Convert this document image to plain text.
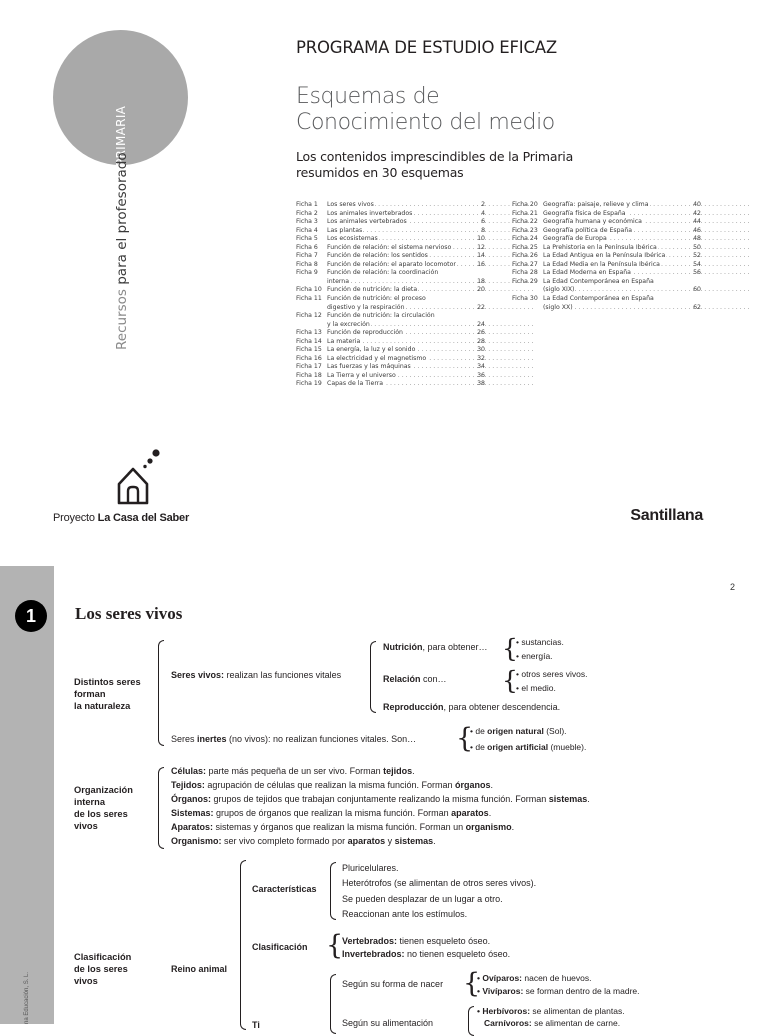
PRIMARIA
Recursos para el profesorado
PROGRAMA DE ESTUDIO EFICAZ
Esquemas de
Conocimiento del medio
Los contenidos imprescindibles de la Primaria
resumidos en 30 esquemas
Ficha 1	Los seres vivos . . .	2
Ficha 2	Los animales invertebrados . . .	4
Ficha 3	Los animales vertebrados . . .	6
Ficha 4	Las plantas . . .	8
Ficha 5	Los ecosistemas . . .	10
Ficha 6	Función de relación: el sistema nervioso . . .	12
Ficha 7	Función de relación: los sentidos . . .	14
Ficha 8	Función de relación: el aparato locomotor . . .	16
Ficha 9	Función de relación: la coordinación
interna . . .	18
Ficha 10 Función de nutrición: la dieta . . .	20
Ficha 11 Función de nutrición: el proceso
digestivo y la respiración . . .	22
Ficha 12 Función de nutrición: la circulación
y la excreción . . .	24
Ficha 13 Función de reproducción . . .	26
Ficha 14 La materia . . .	28
Ficha 15 La energía, la luz y el sonido . . .	30
Ficha 16 La electricidad y el magnetismo . . .	32
Ficha 17 Las fuerzas y las máquinas . . .	34
Ficha 18 La Tierra y el universo . . .	36
Ficha 19 Capas de la Tierra . . .	38
Ficha 20 Geografía: paisaje, relieve y clima . . .	40
Ficha 21 Geografía física de España . . .	42
Ficha 22 Geografía humana y económica . . .	44
Ficha 23 Geografía política de España . . .	46
Ficha 24 Geografía de Europa . . .	48
Ficha 25 La Prehistoria en la Península Ibérica . . .	50
Ficha 26 La Edad Antigua en la Península Ibérica . . .	52
Ficha 27 La Edad Media en la Península Ibérica . . .	54
Ficha 28 La Edad Moderna en España . . .	56
Ficha 29 La Edad Contemporánea en España
(siglo XIX) . . .	60
Ficha 30 La Edad Contemporánea en España
(siglo XX) . . .	62
Proyecto La Casa del Saber	Santillana
1
na Educación, S. L.
2
Los seres vivos
Distintos seres
forman
la naturaleza
Seres vivos: realizan las funciones vitales
Nutrición, para obtener… {
• sustancias.
• energía.
Relación con… {
• otros seres vivos.
• el medio.
Reproducción, para obtener descendencia.
Seres inertes (no vivos): no realizan funciones vitales. Son… {
• de origen natural (Sol).
• de origen artificial (mueble).
Organización
interna
de los seres
vivos
Células: parte más pequeña de un ser vivo. Forman tejidos.
Tejidos: agrupación de células que realizan la misma función. Forman órganos.
Órganos: grupos de tejidos que trabajan conjuntamente realizando la misma función. Forman sistemas.
Sistemas: grupos de órganos que realizan la misma función. Forman aparatos.
Aparatos: sistemas y órganos que realizan la misma función. Forman un organismo.
Organismo: ser vivo completo formado por aparatos y sistemas.
Clasificación
de los seres
vivos
Reino animal
Características
Pluricelulares.
Heterótrofos (se alimentan de otros seres vivos).
Se pueden desplazar de un lugar a otro.
Reaccionan ante los estímulos.
Clasificación {
Vertebrados: tienen esqueleto óseo.
Invertebrados: no tienen esqueleto óseo.
Ti
Según su forma de nacer {
• Ovíparos: nacen de huevos.
• Vivíparos: se forman dentro de la madre.
Según su alimentación
• Herbívoros: se alimentan de plantas.
Carnívoros: se alimentan de carne.
